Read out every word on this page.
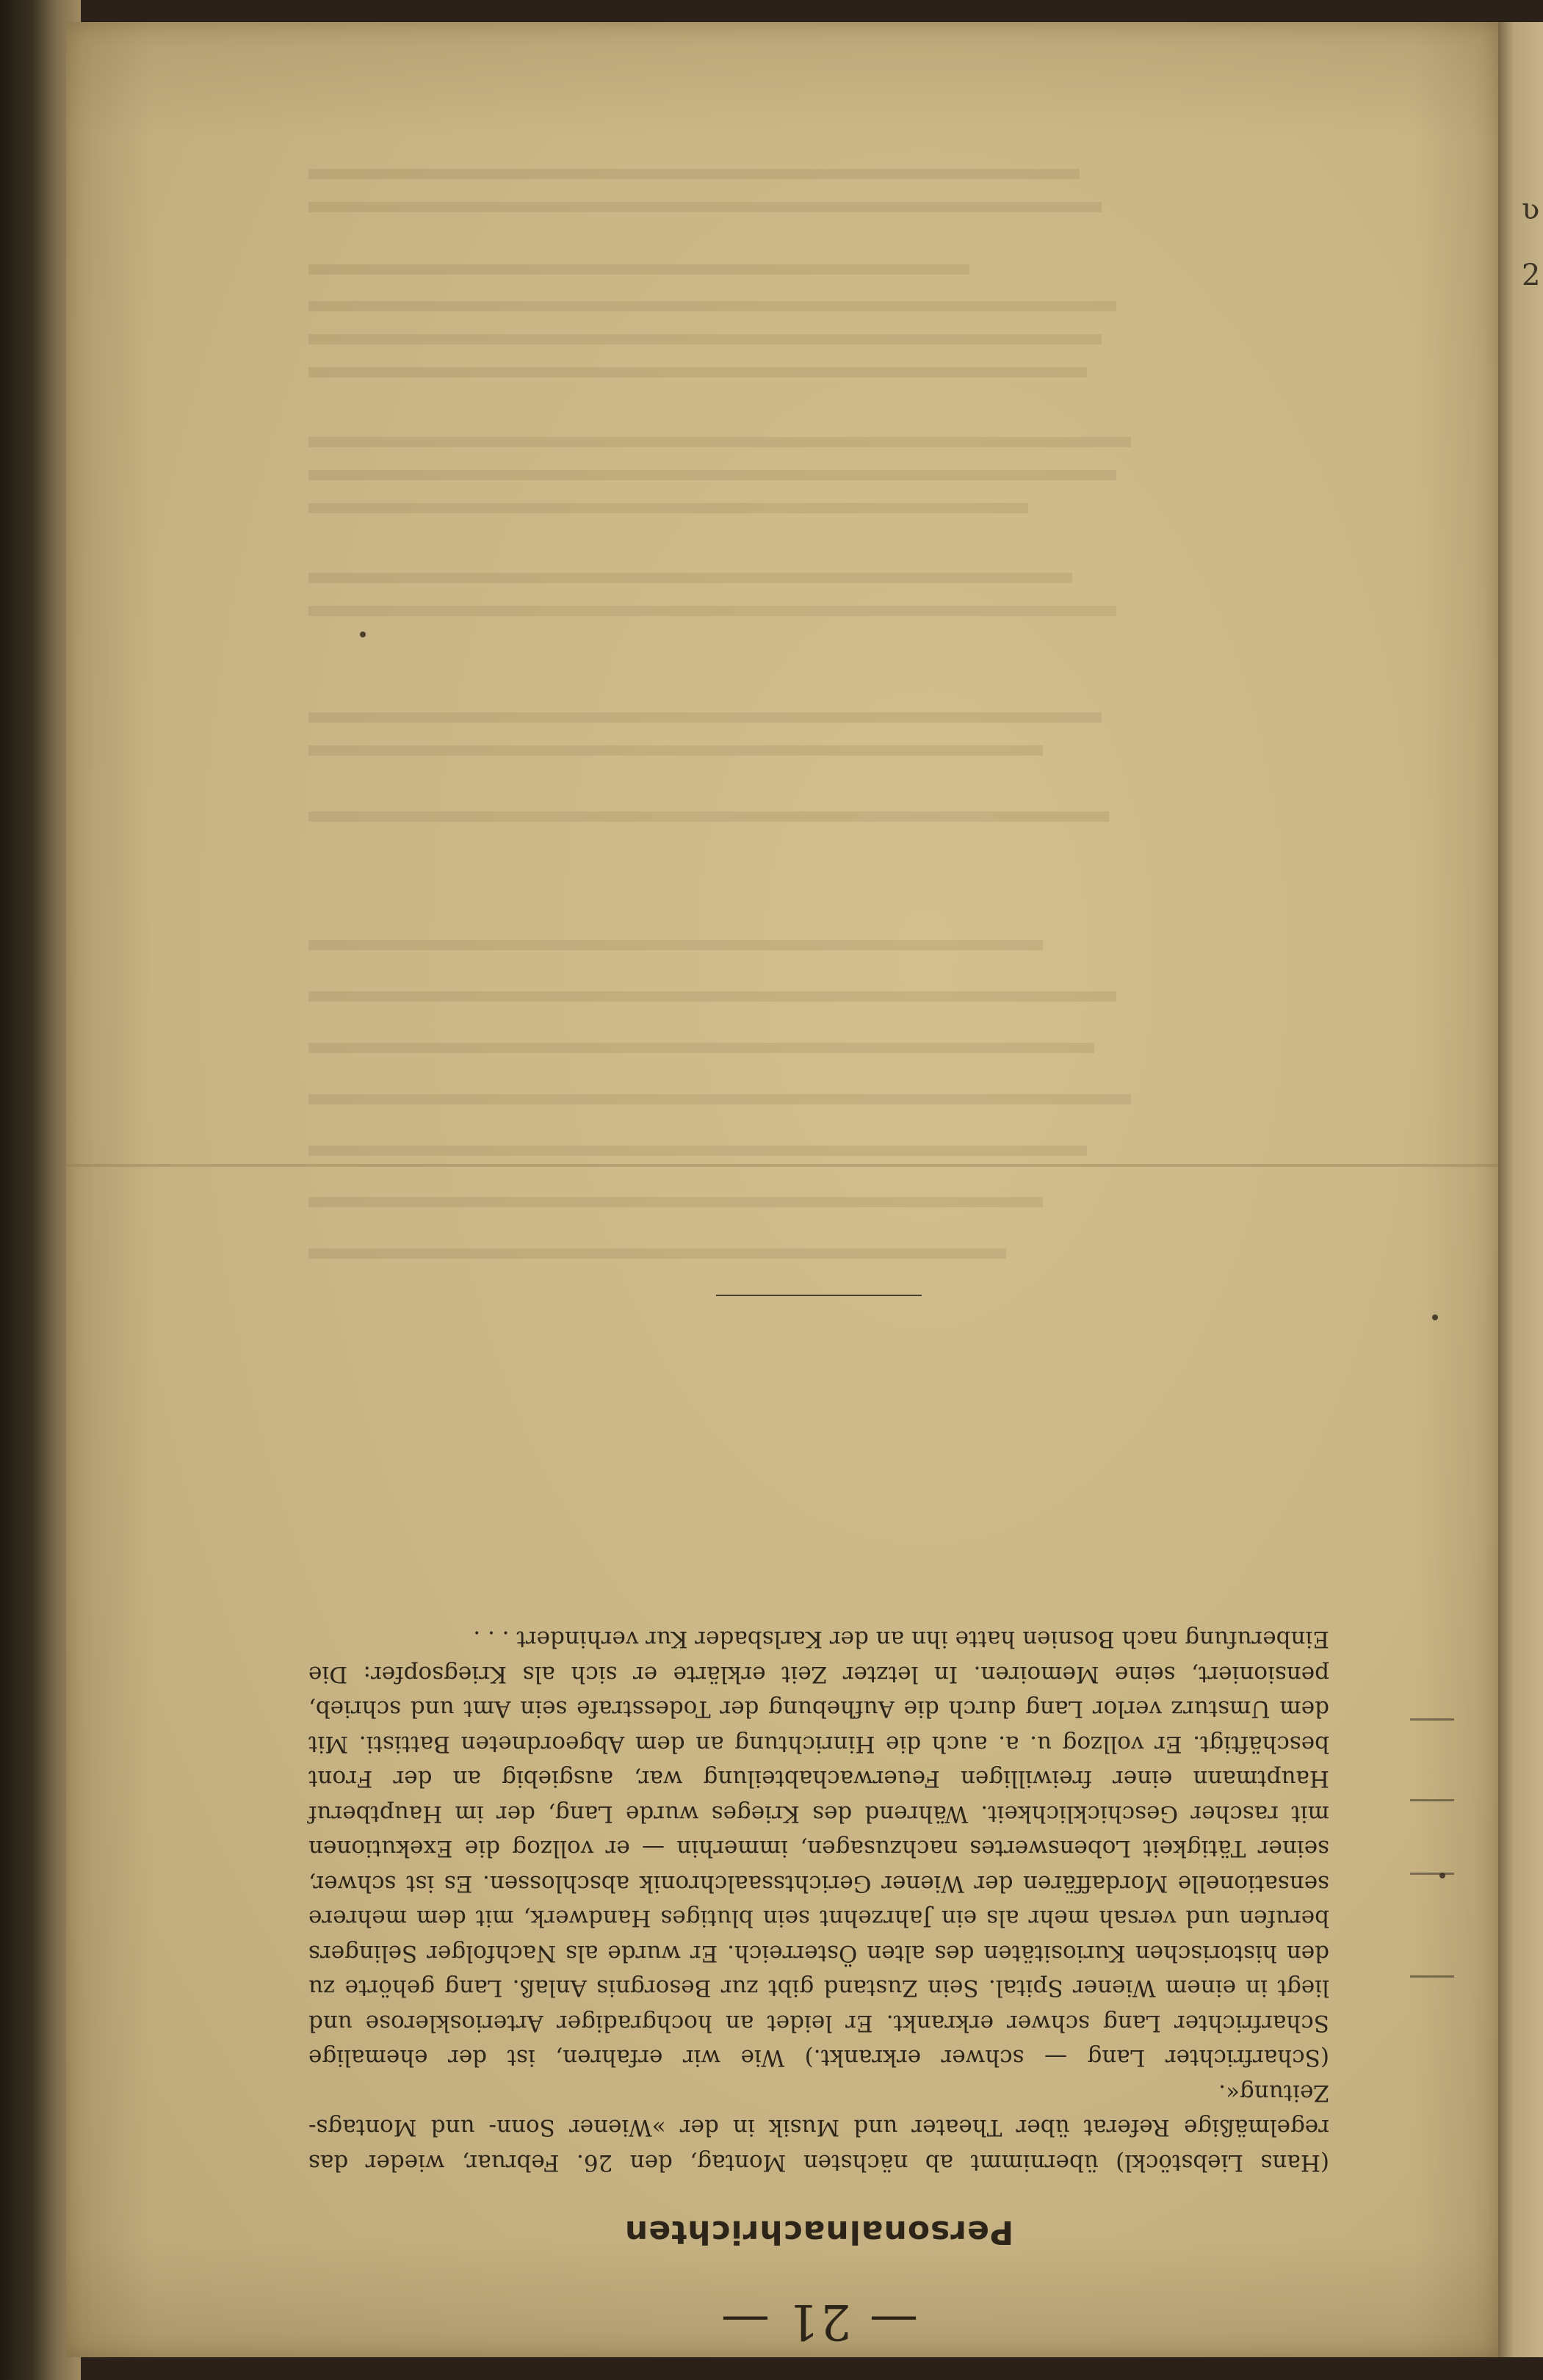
ʋ
2
— 21 —
Personalnachrichten

(Hans Liebstöckl) übernimmt ab nächsten Montag, den 26. Februar, wieder das regelmäßige Referat über Theater und Musik in der »Wiener Sonn- und Montags-Zeitung«.

(Scharfrichter Lang — schwer erkrankt.) Wie wir erfahren, ist der ehemalige Scharfrichter Lang schwer erkrankt. Er leidet an hochgradiger Arteriosklerose und liegt in einem Wiener Spital. Sein Zustand gibt zur Besorgnis Anlaß. Lang gehörte zu den historischen Kuriositäten des alten Österreich. Er wurde als Nachfolger Selingers berufen und versah mehr als ein Jahrzehnt sein blutiges Handwerk, mit dem mehrere sensationelle Mordaffären der Wiener Gerichtssaalchronik abschlossen. Es ist schwer, seiner Tätigkeit Lobenswertes nachzusagen, immerhin — er vollzog die Exekutionen mit rascher Geschicklichkeit. Während des Krieges wurde Lang, der im Hauptberuf Hauptmann einer freiwilligen Feuerwachabteilung war, ausgiebig an der Front beschäftigt. Er vollzog u. a. auch die Hinrichtung an dem Abgeordneten Battisti. Mit dem Umsturz verlor Lang durch die Aufhebung der Todesstrafe sein Amt und schrieb, pensioniert, seine Memoiren. In letzter Zeit erklärte er sich als Kriegsopfer: Die Einberufung nach Bosnien hatte ihn an der Karlsbader Kur verhindert . . .
